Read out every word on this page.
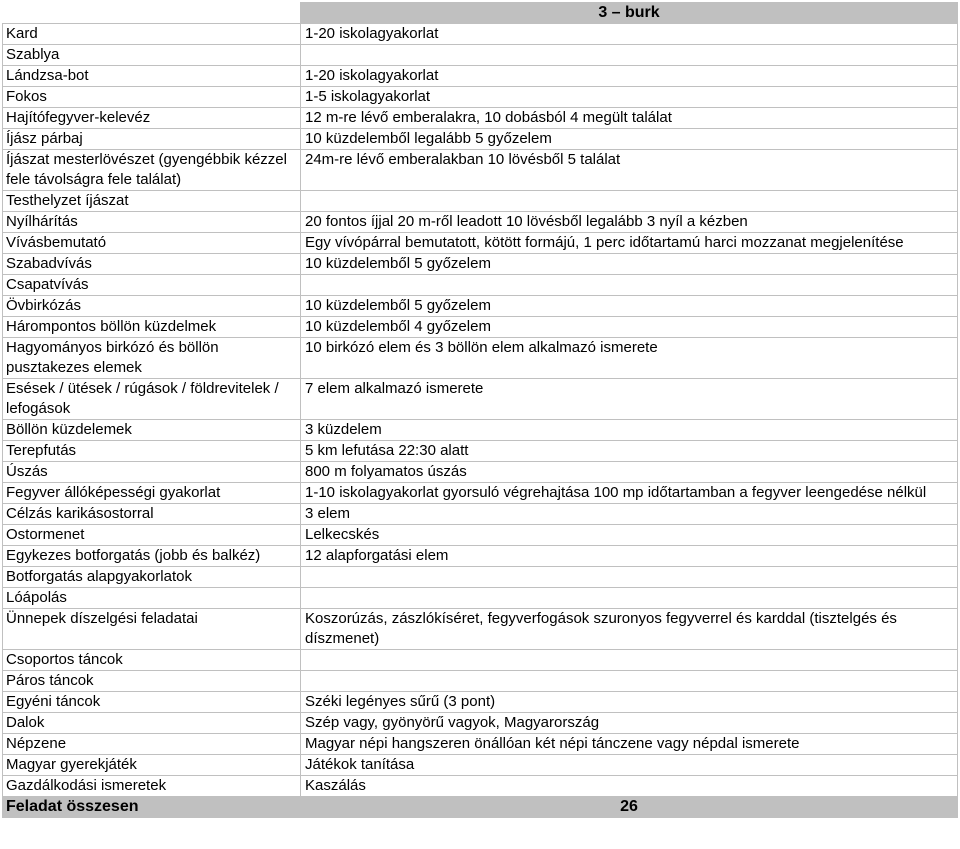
	3 – burk
Kard	1-20 iskolagyakorlat
Szablya	
Lándzsa-bot	1-20 iskolagyakorlat
Fokos	1-5 iskolagyakorlat
Hajítófegyver-kelevéz	12 m-re lévő emberalakra, 10 dobásból 4 megült találat
Íjász párbaj	10 küzdelemből legalább 5 győzelem
Íjászat mesterlövészet (gyengébbik kézzel fele távolságra fele találat)	24m-re lévő emberalakban 10 lövésből 5 találat
Testhelyzet íjászat	
Nyílhárítás	20 fontos íjjal 20 m-ről leadott 10 lövésből legalább 3 nyíl a kézben
Vívásbemutató	Egy vívópárral bemutatott, kötött formájú, 1 perc időtartamú harci mozzanat megjelenítése
Szabadvívás	10 küzdelemből 5 győzelem
Csapatvívás	
Övbirkózás	10 küzdelemből 5 győzelem
Hárompontos böllön küzdelmek	10 küzdelemből 4 győzelem
Hagyományos birkózó és böllön pusztakezes elemek	10 birkózó elem és 3 böllön elem alkalmazó ismerete
Esések / ütések / rúgások / földrevitelek / lefogások	7 elem alkalmazó ismerete
Böllön küzdelemek	3 küzdelem
Terepfutás	5 km lefutása 22:30 alatt
Úszás	800 m folyamatos úszás
Fegyver állóképességi gyakorlat	1-10 iskolagyakorlat gyorsuló végrehajtása 100 mp időtartamban a fegyver leengedése nélkül
Célzás karikásostorral	3 elem
Ostormenet	Lelkecskés
Egykezes botforgatás (jobb és balkéz)	12 alapforgatási elem
Botforgatás alapgyakorlatok	
Lóápolás	
Ünnepek díszelgési feladatai	Koszorúzás, zászlókíséret, fegyverfogások szuronyos fegyverrel és karddal (tisztelgés és díszmenet)
Csoportos táncok	
Páros táncok	
Egyéni táncok	Széki legényes sűrű (3 pont)
Dalok	Szép vagy, gyönyörű vagyok, Magyarország
Népzene	Magyar népi hangszeren önállóan két népi tánczene vagy népdal ismerete
Magyar gyerekjáték	Játékok tanítása
Gazdálkodási ismeretek	Kaszálás
Feladat összesen	26
